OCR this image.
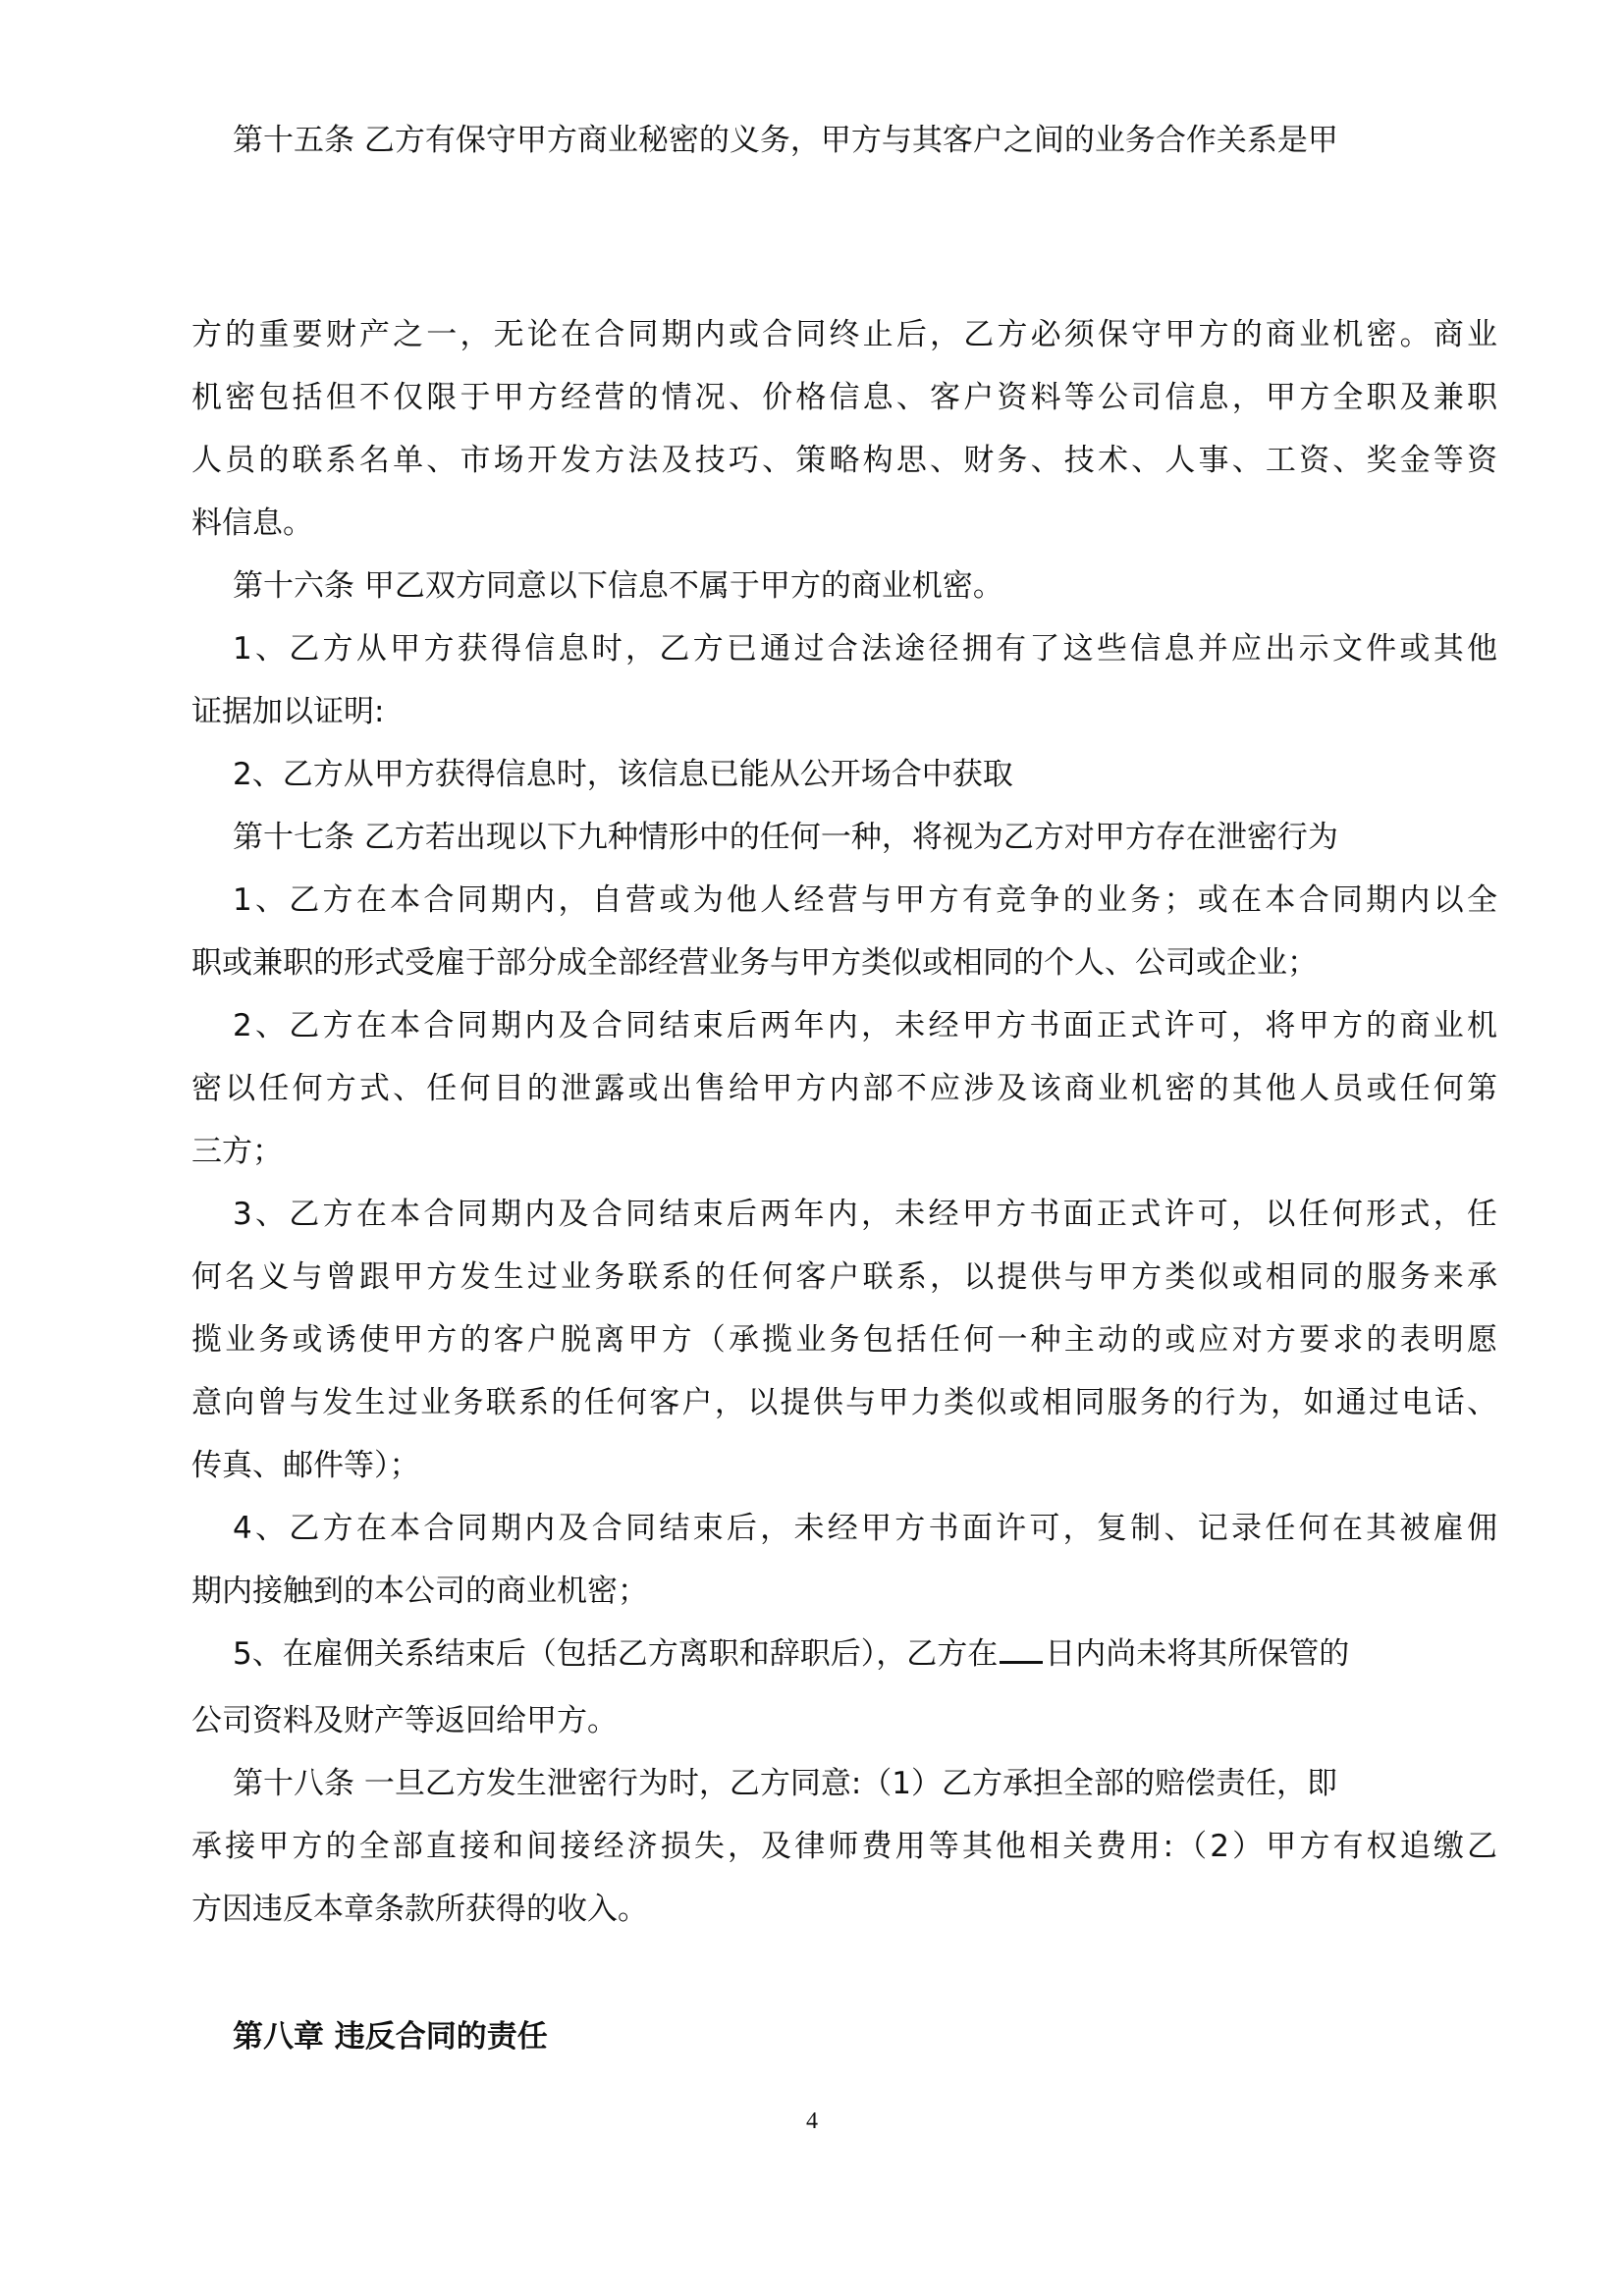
第十五条 乙方有保守甲方商业秘密的义务，甲方与其客户之间的业务合作关系是甲
方的重要财产之一，无论在合同期内或合同终止后，乙方必须保守甲方的商业机密。商业
机密包括但不仅限于甲方经营的情况、价格信息、客户资料等公司信息，甲方全职及兼职
人员的联系名单、市场开发方法及技巧、策略构思、财务、技术、人事、工资、奖金等资
料信息。
第十六条 甲乙双方同意以下信息不属于甲方的商业机密。
1、乙方从甲方获得信息时，乙方已通过合法途径拥有了这些信息并应出示文件或其他
证据加以证明:
2、乙方从甲方获得信息时，该信息已能从公开场合中获取
第十七条 乙方若出现以下九种情形中的任何一种，将视为乙方对甲方存在泄密行为
1、乙方在本合同期内，自营或为他人经营与甲方有竞争的业务；或在本合同期内以全
职或兼职的形式受雇于部分成全部经营业务与甲方类似或相同的个人、公司或企业；
2、乙方在本合同期内及合同结束后两年内，未经甲方书面正式许可，将甲方的商业机
密以任何方式、任何目的泄露或出售给甲方内部不应涉及该商业机密的其他人员或任何第
三方；
3、乙方在本合同期内及合同结束后两年内，未经甲方书面正式许可，以任何形式，任
何名义与曾跟甲方发生过业务联系的任何客户联系，以提供与甲方类似或相同的服务来承
揽业务或诱使甲方的客户脱离甲方（承揽业务包括任何一种主动的或应对方要求的表明愿
意向曾与发生过业务联系的任何客户，以提供与甲力类似或相同服务的行为，如通过电话、
传真、邮件等）；
4、乙方在本合同期内及合同结束后，未经甲方书面许可，复制、记录任何在其被雇佣
期内接触到的本公司的商业机密；
5、在雇佣关系结束后（包括乙方离职和辞职后），乙方在 日内尚未将其所保管的
公司资料及财产等返回给甲方。
第十八条 一旦乙方发生泄密行为时，乙方同意:（1）乙方承担全部的赔偿责任，即
承接甲方的全部直接和间接经济损失，及律师费用等其他相关费用:（2）甲方有权追缴乙
方因违反本章条款所获得的收入。
第八章 违反合同的责任
4
